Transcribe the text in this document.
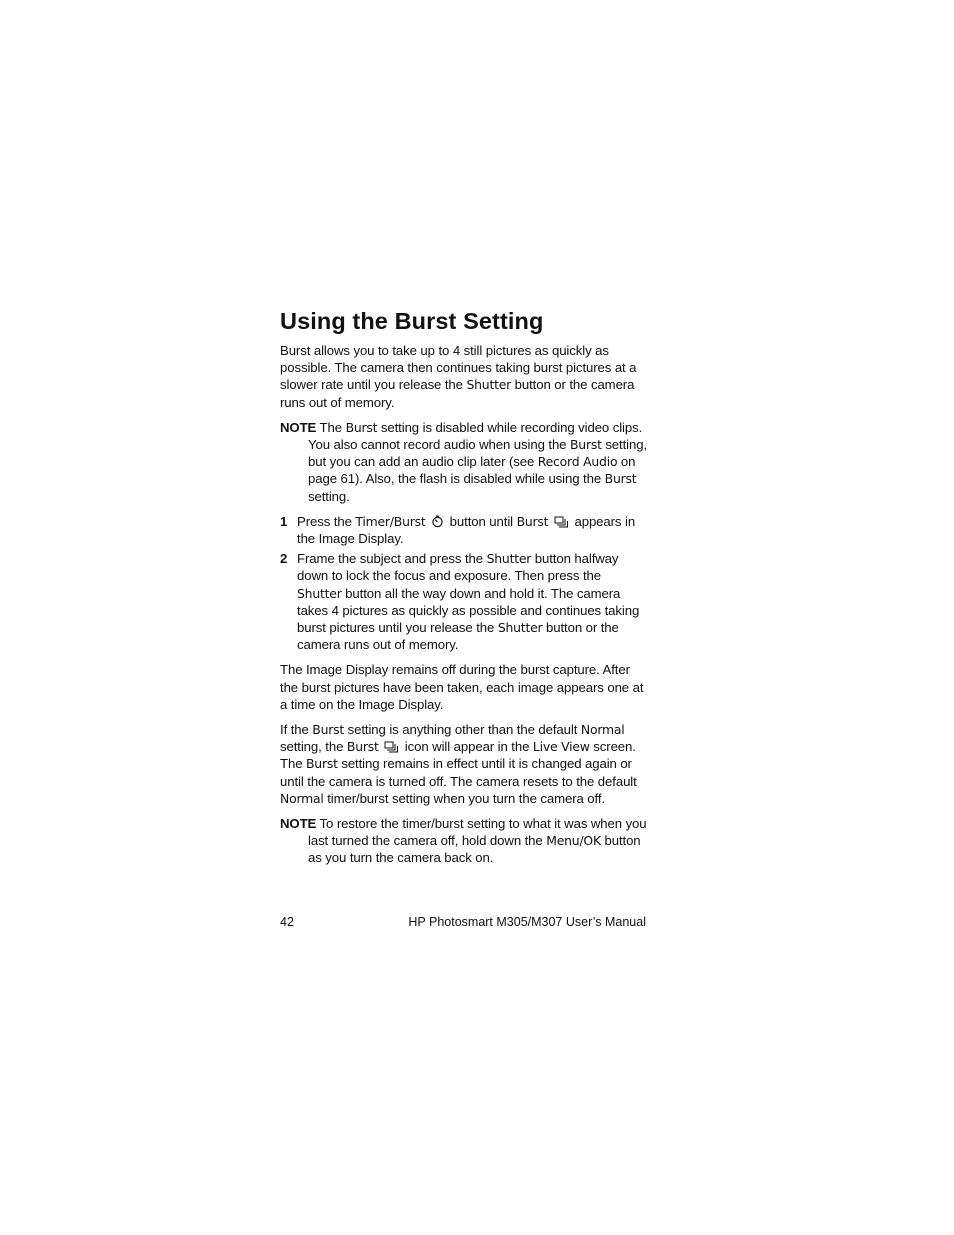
Using the Burst Setting

Burst allows you to take up to 4 still pictures as quickly as possible. The camera then continues taking burst pictures at a slower rate until you release the Shutter button or the camera runs out of memory.

NOTE The Burst setting is disabled while recording video clips. You also cannot record audio when using the Burst setting, but you can add an audio clip later (see Record Audio on page 61). Also, the flash is disabled while using the Burst setting.

1 Press the Timer/Burst  button until Burst  appears in the Image Display.
2 Frame the subject and press the Shutter button halfway down to lock the focus and exposure. Then press the Shutter button all the way down and hold it. The camera takes 4 pictures as quickly as possible and continues taking burst pictures until you release the Shutter button or the camera runs out of memory.

The Image Display remains off during the burst capture. After the burst pictures have been taken, each image appears one at a time on the Image Display.

If the Burst setting is anything other than the default Normal setting, the Burst  icon will appear in the Live View screen. The Burst setting remains in effect until it is changed again or until the camera is turned off. The camera resets to the default Normal timer/burst setting when you turn the camera off.

NOTE To restore the timer/burst setting to what it was when you last turned the camera off, hold down the Menu/OK button as you turn the camera back on.

42	HP Photosmart M305/M307 User’s Manual
